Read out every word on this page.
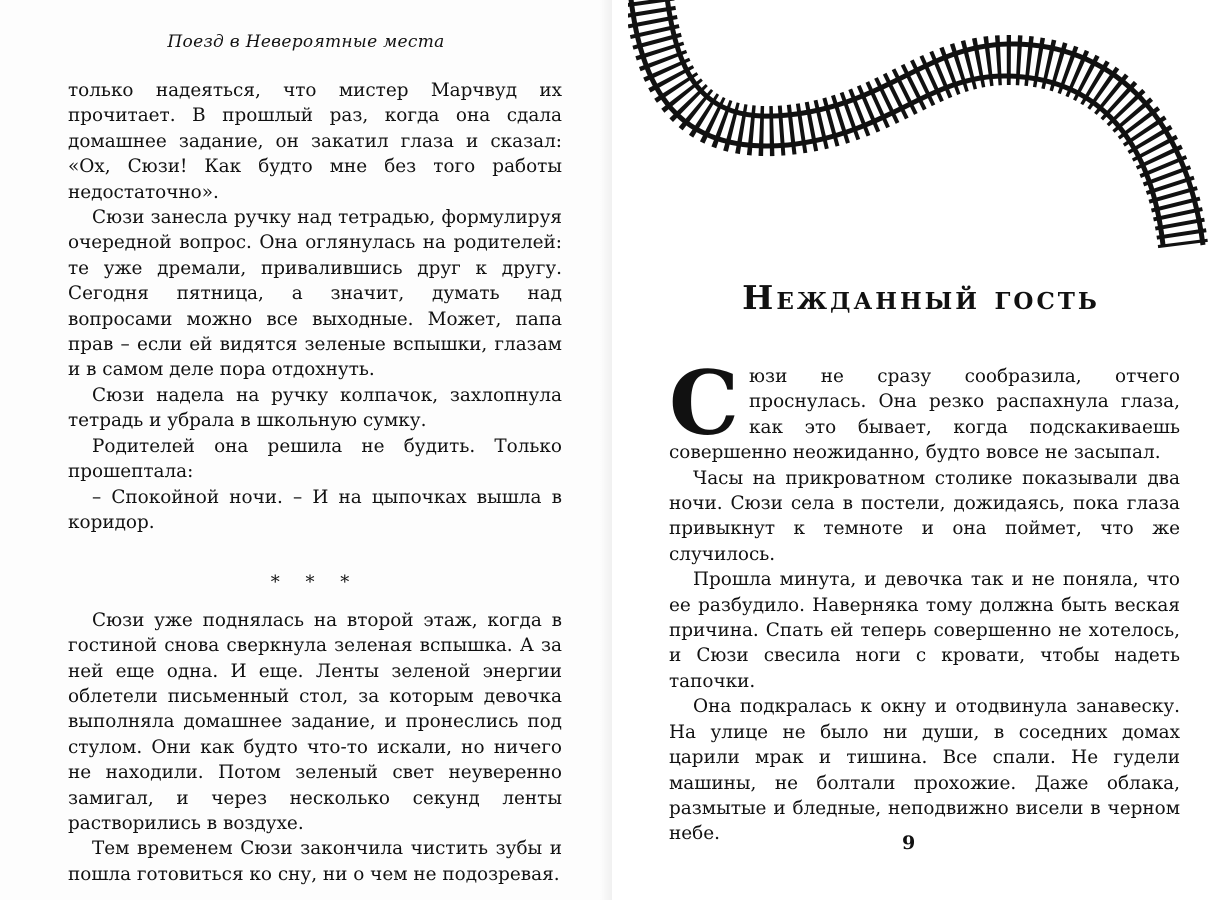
Поезд в Невероятные места

только надеяться, что мистер Марчвуд их прочитает. В прошлый раз, когда она сдала домашнее задание, он закатил глаза и сказал: «Ох, Сюзи! Как будто мне без того работы недостаточно».

Сюзи занесла ручку над тетрадью, формулируя очередной вопрос. Она оглянулась на родителей: те уже дремали, привалившись друг к другу. Сегодня пятница, а значит, думать над вопросами можно все выходные. Может, папа прав – если ей видятся зеленые вспышки, глазам и в самом деле пора отдохнуть.

Сюзи надела на ручку колпачок, захлопнула тетрадь и убрала в школьную сумку.

Родителей она решила не будить. Только прошептала:

– Спокойной ночи. – И на цыпочках вышла в коридор.

* * *

Сюзи уже поднялась на второй этаж, когда в гостиной снова сверкнула зеленая вспышка. А за ней еще одна. И еще. Ленты зеленой энергии облетели письменный стол, за которым девочка выполняла домашнее задание, и пронеслись под стулом. Они как будто что-то искали, но ничего не находили. Потом зеленый свет неуверенно замигал, и через несколько секунд ленты растворились в воздухе.

Тем временем Сюзи закончила чистить зубы и пошла готовиться ко сну, ни о чем не подозревая.

Нежданный гость

Сюзи не сразу сообразила, отчего проснулась. Она резко распахнула глаза, как это бывает, когда подскакиваешь совершенно неожиданно, будто вовсе не засыпал.

Часы на прикроватном столике показывали два ночи. Сюзи села в постели, дожидаясь, пока глаза привыкнут к темноте и она поймет, что же случилось.

Прошла минута, и девочка так и не поняла, что ее разбудило. Наверняка тому должна быть веская причина. Спать ей теперь совершенно не хотелось, и Сюзи свесила ноги с кровати, чтобы надеть тапочки.

Она подкралась к окну и отодвинула занавеску. На улице не было ни души, в соседних домах царили мрак и тишина. Все спали. Не гудели машины, не болтали прохожие. Даже облака, размытые и бледные, неподвижно висели в черном небе.	9
